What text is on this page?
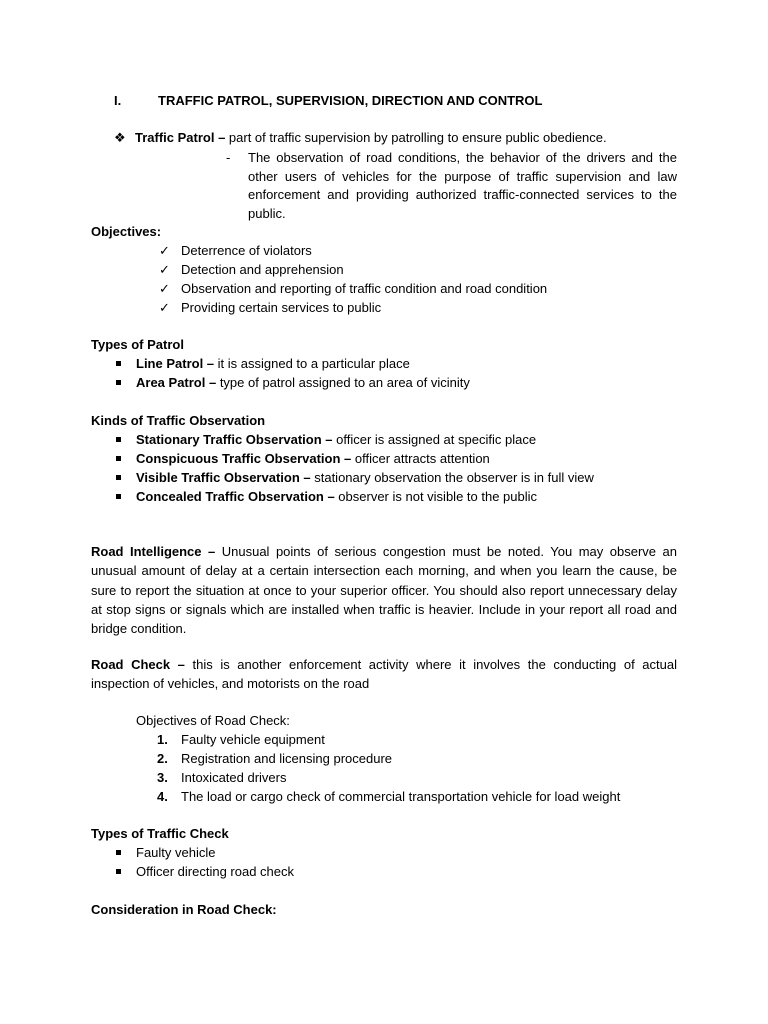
I.	TRAFFIC PATROL, SUPERVISION, DIRECTION AND CONTROL
❖ Traffic Patrol – part of traffic supervision by patrolling to ensure public obedience.
- The observation of road conditions, the behavior of the drivers and the other users of vehicles for the purpose of traffic supervision and law enforcement and providing authorized traffic-connected services to the public.
Objectives:
✓ Deterrence of violators
✓ Detection and apprehension
✓ Observation and reporting of traffic condition and road condition
✓ Providing certain services to public
Types of Patrol
Line Patrol – it is assigned to a particular place
Area Patrol – type of patrol assigned to an area of vicinity
Kinds of Traffic Observation
Stationary Traffic Observation – officer is assigned at specific place
Conspicuous Traffic Observation – officer attracts attention
Visible Traffic Observation – stationary observation the observer is in full view
Concealed Traffic Observation – observer is not visible to the public
Road Intelligence – Unusual points of serious congestion must be noted. You may observe an unusual amount of delay at a certain intersection each morning, and when you learn the cause, be sure to report the situation at once to your superior officer. You should also report unnecessary delay at stop signs or signals which are installed when traffic is heavier. Include in your report all road and bridge condition.
Road Check – this is another enforcement activity where it involves the conducting of actual inspection of vehicles, and motorists on the road
Objectives of Road Check:
1. Faulty vehicle equipment
2. Registration and licensing procedure
3. Intoxicated drivers
4. The load or cargo check of commercial transportation vehicle for load weight
Types of Traffic Check
Faulty vehicle
Officer directing road check
Consideration in Road Check:
